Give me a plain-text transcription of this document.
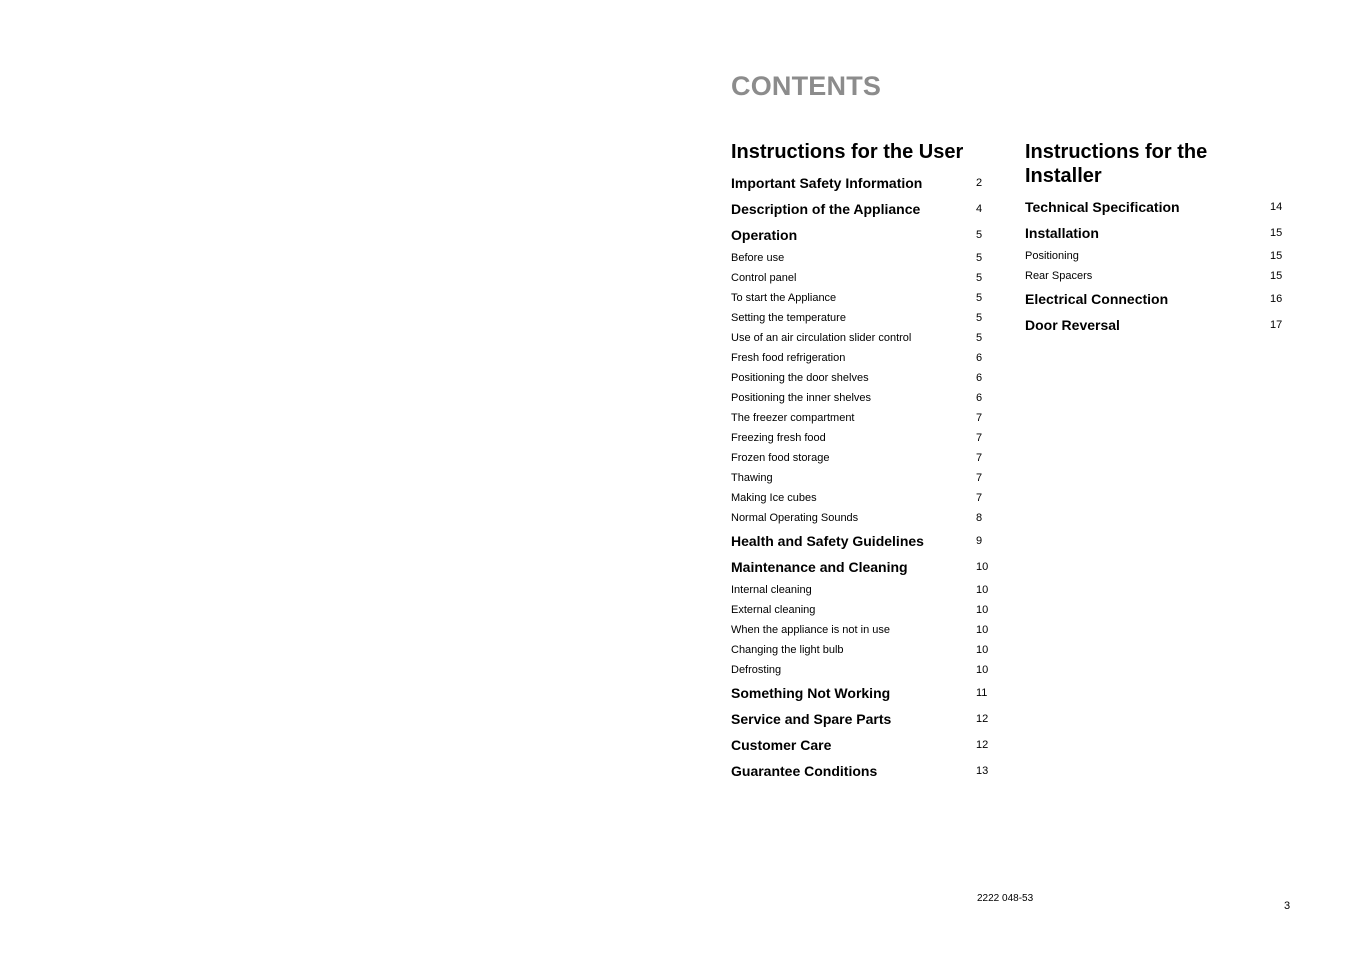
CONTENTS
Instructions for the User
Important Safety Information	2
Description of the Appliance	4
Operation	5
Before use	5
Control panel	5
To start the Appliance	5
Setting the temperature	5
Use of an air circulation slider control	5
Fresh food refrigeration	6
Positioning the door shelves	6
Positioning the inner shelves	6
The freezer compartment	7
Freezing fresh food	7
Frozen food storage	7
Thawing	7
Making Ice cubes	7
Normal Operating Sounds	8
Health and Safety Guidelines	9
Maintenance and Cleaning	10
Internal cleaning	10
External cleaning	10
When the appliance is not in use	10
Changing the light bulb	10
Defrosting	10
Something Not Working	11
Service and Spare Parts	12
Customer Care	12
Guarantee Conditions	13
Instructions for the
Installer
Technical Specification	14
Installation	15
Positioning	15
Rear Spacers	15
Electrical Connection	16
Door Reversal	17
2222 048-53
3
